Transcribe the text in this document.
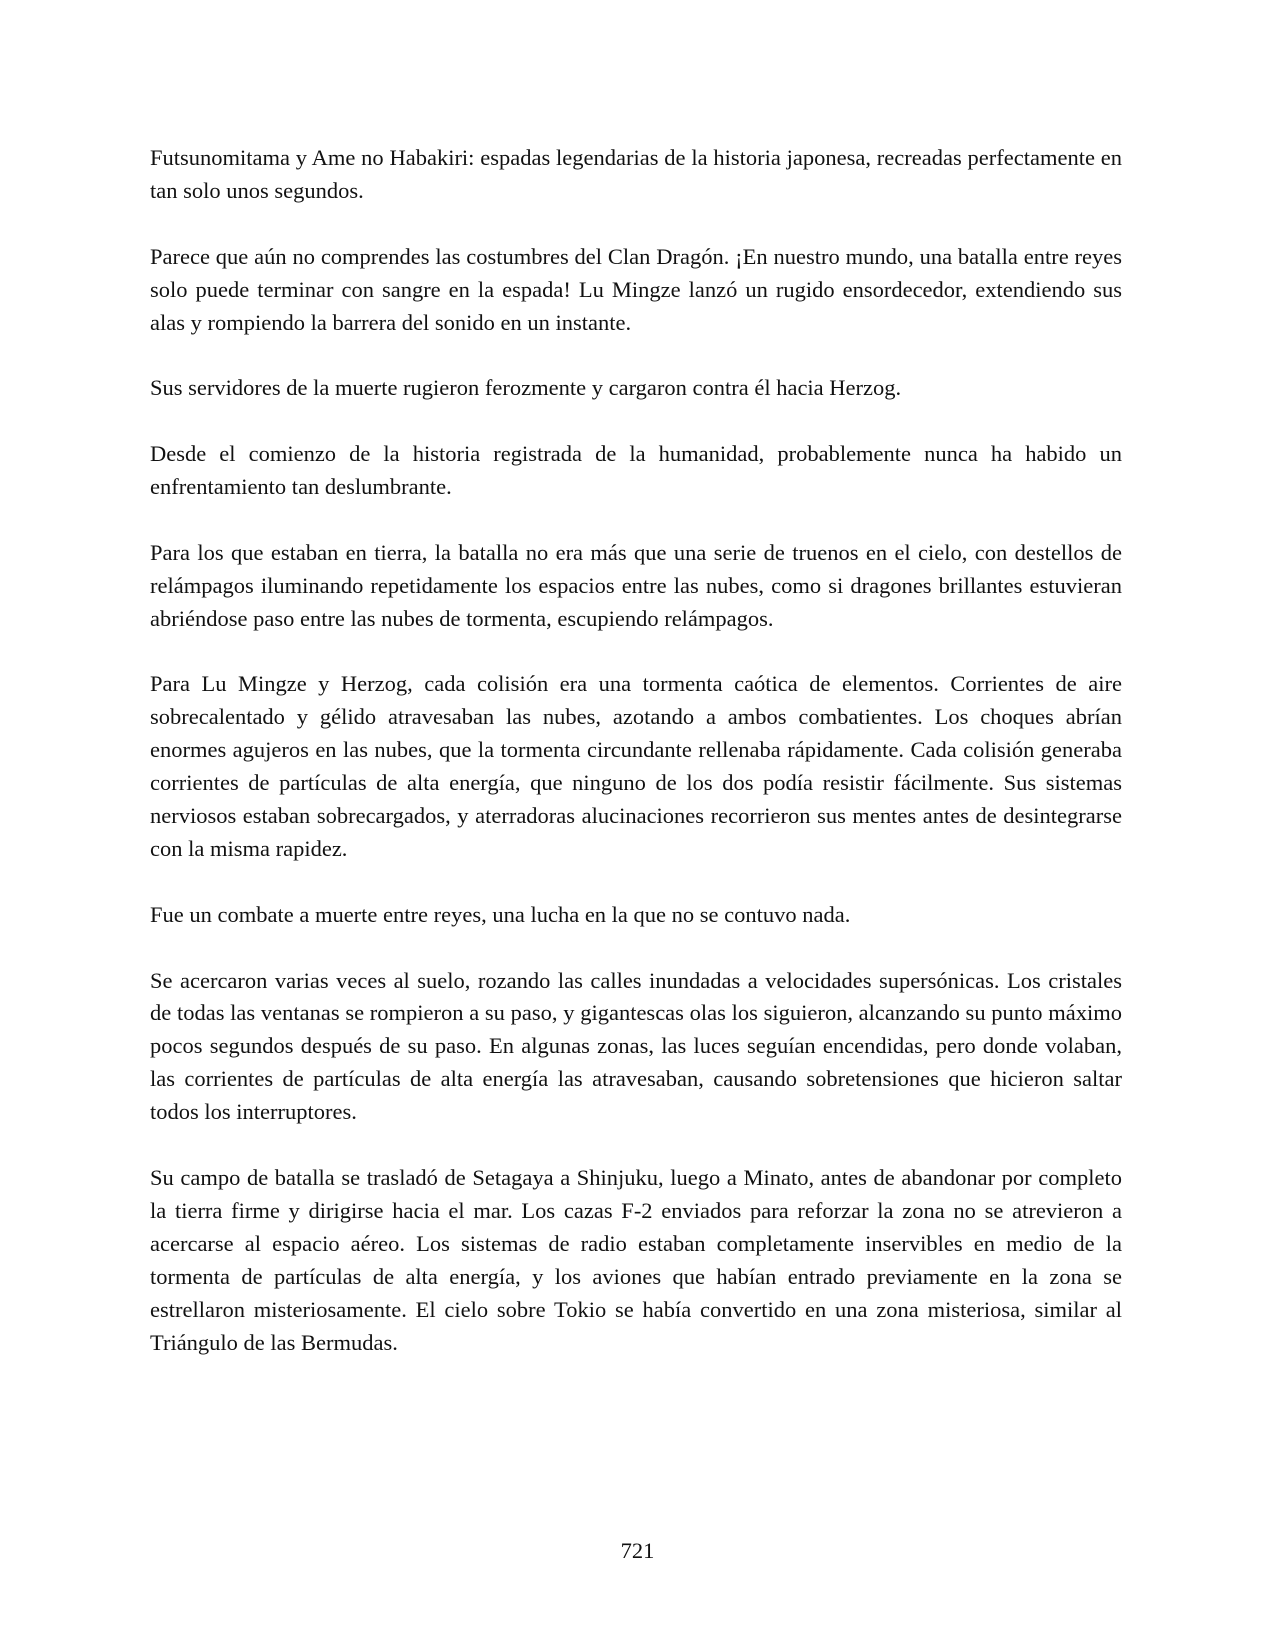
Futsunomitama y Ame no Habakiri: espadas legendarias de la historia japonesa, recreadas perfectamente en tan solo unos segundos.

Parece que aún no comprendes las costumbres del Clan Dragón. ¡En nuestro mundo, una batalla entre reyes solo puede terminar con sangre en la espada! Lu Mingze lanzó un rugido ensordecedor, extendiendo sus alas y rompiendo la barrera del sonido en un instante.

Sus servidores de la muerte rugieron ferozmente y cargaron contra él hacia Herzog.

Desde el comienzo de la historia registrada de la humanidad, probablemente nunca ha habido un enfrentamiento tan deslumbrante.

Para los que estaban en tierra, la batalla no era más que una serie de truenos en el cielo, con destellos de relámpagos iluminando repetidamente los espacios entre las nubes, como si dragones brillantes estuvieran abriéndose paso entre las nubes de tormenta, escupiendo relámpagos.

Para Lu Mingze y Herzog, cada colisión era una tormenta caótica de elementos. Corrientes de aire sobrecalentado y gélido atravesaban las nubes, azotando a ambos combatientes. Los choques abrían enormes agujeros en las nubes, que la tormenta circundante rellenaba rápidamente. Cada colisión generaba corrientes de partículas de alta energía, que ninguno de los dos podía resistir fácilmente. Sus sistemas nerviosos estaban sobrecargados, y aterradoras alucinaciones recorrieron sus mentes antes de desintegrarse con la misma rapidez.

Fue un combate a muerte entre reyes, una lucha en la que no se contuvo nada.

Se acercaron varias veces al suelo, rozando las calles inundadas a velocidades supersónicas. Los cristales de todas las ventanas se rompieron a su paso, y gigantescas olas los siguieron, alcanzando su punto máximo pocos segundos después de su paso. En algunas zonas, las luces seguían encendidas, pero donde volaban, las corrientes de partículas de alta energía las atravesaban, causando sobretensiones que hicieron saltar todos los interruptores.

Su campo de batalla se trasladó de Setagaya a Shinjuku, luego a Minato, antes de abandonar por completo la tierra firme y dirigirse hacia el mar. Los cazas F-2 enviados para reforzar la zona no se atrevieron a acercarse al espacio aéreo. Los sistemas de radio estaban completamente inservibles en medio de la tormenta de partículas de alta energía, y los aviones que habían entrado previamente en la zona se estrellaron misteriosamente. El cielo sobre Tokio se había convertido en una zona misteriosa, similar al Triángulo de las Bermudas.

721
